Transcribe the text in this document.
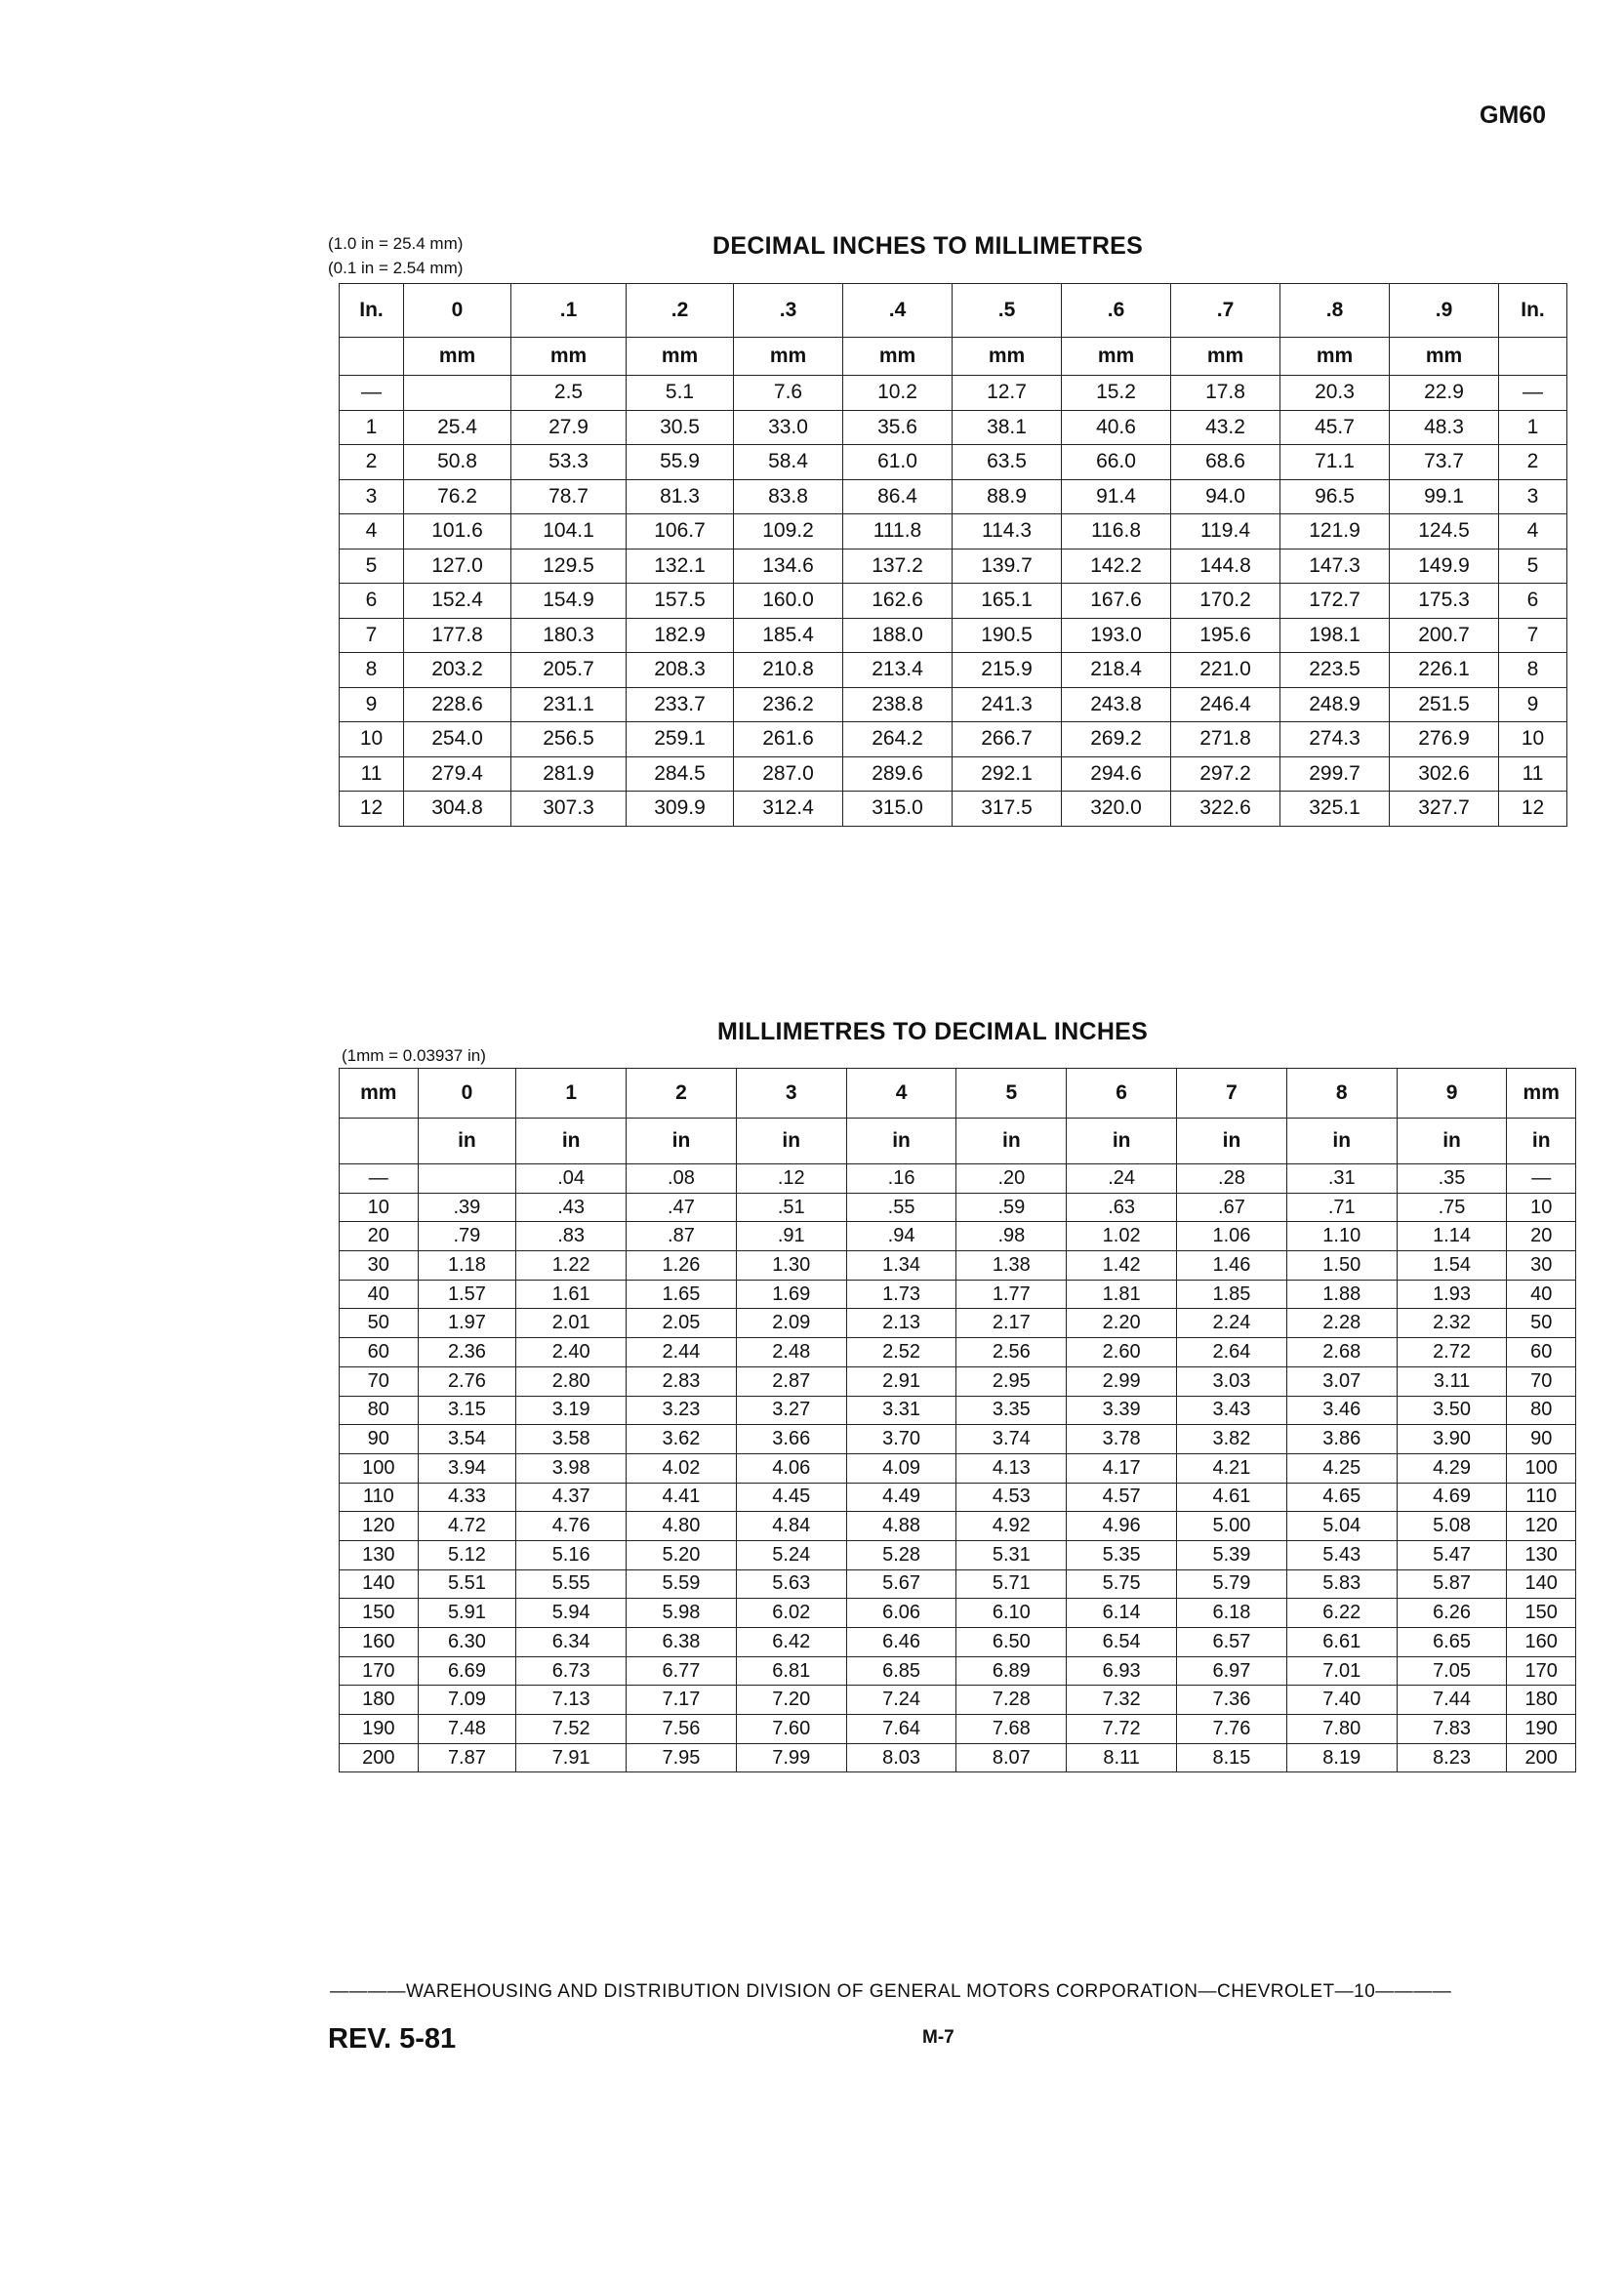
GM60
(1.0 in = 25.4 mm)
(0.1 in = 2.54 mm)
DECIMAL INCHES TO MILLIMETRES
In.	0	.1	.2	.3	.4	.5	.6	.7	.8	.9	In.
	mm	mm	mm	mm	mm	mm	mm	mm	mm	mm	
—		2.5	5.1	7.6	10.2	12.7	15.2	17.8	20.3	22.9	—
1	25.4	27.9	30.5	33.0	35.6	38.1	40.6	43.2	45.7	48.3	1
2	50.8	53.3	55.9	58.4	61.0	63.5	66.0	68.6	71.1	73.7	2
3	76.2	78.7	81.3	83.8	86.4	88.9	91.4	94.0	96.5	99.1	3
4	101.6	104.1	106.7	109.2	111.8	114.3	116.8	119.4	121.9	124.5	4
5	127.0	129.5	132.1	134.6	137.2	139.7	142.2	144.8	147.3	149.9	5
6	152.4	154.9	157.5	160.0	162.6	165.1	167.6	170.2	172.7	175.3	6
7	177.8	180.3	182.9	185.4	188.0	190.5	193.0	195.6	198.1	200.7	7
8	203.2	205.7	208.3	210.8	213.4	215.9	218.4	221.0	223.5	226.1	8
9	228.6	231.1	233.7	236.2	238.8	241.3	243.8	246.4	248.9	251.5	9
10	254.0	256.5	259.1	261.6	264.2	266.7	269.2	271.8	274.3	276.9	10
11	279.4	281.9	284.5	287.0	289.6	292.1	294.6	297.2	299.7	302.6	11
12	304.8	307.3	309.9	312.4	315.0	317.5	320.0	322.6	325.1	327.7	12
(1mm = 0.03937 in)
MILLIMETRES TO DECIMAL INCHES
mm	0	1	2	3	4	5	6	7	8	9	mm
	in	in	in	in	in	in	in	in	in	in	in
—		.04	.08	.12	.16	.20	.24	.28	.31	.35	—
10	.39	.43	.47	.51	.55	.59	.63	.67	.71	.75	10
20	.79	.83	.87	.91	.94	.98	1.02	1.06	1.10	1.14	20
30	1.18	1.22	1.26	1.30	1.34	1.38	1.42	1.46	1.50	1.54	30
40	1.57	1.61	1.65	1.69	1.73	1.77	1.81	1.85	1.88	1.93	40
50	1.97	2.01	2.05	2.09	2.13	2.17	2.20	2.24	2.28	2.32	50
60	2.36	2.40	2.44	2.48	2.52	2.56	2.60	2.64	2.68	2.72	60
70	2.76	2.80	2.83	2.87	2.91	2.95	2.99	3.03	3.07	3.11	70
80	3.15	3.19	3.23	3.27	3.31	3.35	3.39	3.43	3.46	3.50	80
90	3.54	3.58	3.62	3.66	3.70	3.74	3.78	3.82	3.86	3.90	90
100	3.94	3.98	4.02	4.06	4.09	4.13	4.17	4.21	4.25	4.29	100
110	4.33	4.37	4.41	4.45	4.49	4.53	4.57	4.61	4.65	4.69	110
120	4.72	4.76	4.80	4.84	4.88	4.92	4.96	5.00	5.04	5.08	120
130	5.12	5.16	5.20	5.24	5.28	5.31	5.35	5.39	5.43	5.47	130
140	5.51	5.55	5.59	5.63	5.67	5.71	5.75	5.79	5.83	5.87	140
150	5.91	5.94	5.98	6.02	6.06	6.10	6.14	6.18	6.22	6.26	150
160	6.30	6.34	6.38	6.42	6.46	6.50	6.54	6.57	6.61	6.65	160
170	6.69	6.73	6.77	6.81	6.85	6.89	6.93	6.97	7.01	7.05	170
180	7.09	7.13	7.17	7.20	7.24	7.28	7.32	7.36	7.40	7.44	180
190	7.48	7.52	7.56	7.60	7.64	7.68	7.72	7.76	7.80	7.83	190
200	7.87	7.91	7.95	7.99	8.03	8.07	8.11	8.15	8.19	8.23	200
————WAREHOUSING AND DISTRIBUTION DIVISION OF GENERAL MOTORS CORPORATION—CHEVROLET—10————
REV. 5-81	M-7
